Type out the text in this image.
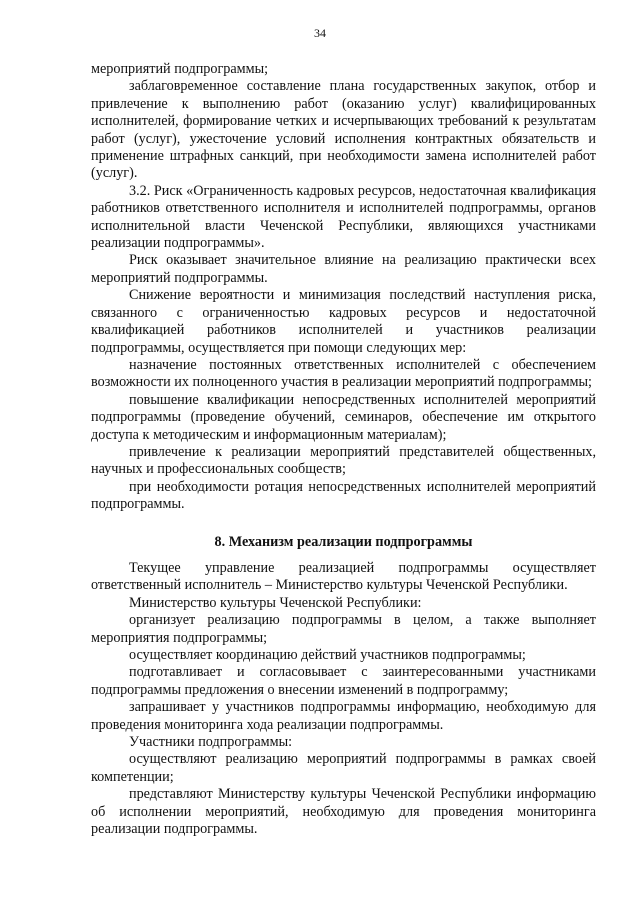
34

мероприятий подпрограммы;

заблаговременное составление плана государственных закупок, отбор и привлечение к выполнению работ (оказанию услуг) квалифицированных исполнителей, формирование четких и исчерпывающих требований к результатам работ (услуг), ужесточение условий исполнения контрактных обязательств и применение штрафных санкций, при необходимости замена исполнителей работ (услуг).

3.2. Риск «Ограниченность кадровых ресурсов, недостаточная квалификация работников ответственного исполнителя и исполнителей подпрограммы, органов исполнительной власти Чеченской Республики, являющихся участниками реализации подпрограммы».

Риск оказывает значительное влияние на реализацию практически всех мероприятий подпрограммы.

Снижение вероятности и минимизация последствий наступления риска, связанного с ограниченностью кадровых ресурсов и недостаточной квалификацией работников исполнителей и участников реализации подпрограммы, осуществляется при помощи следующих мер:

назначение постоянных ответственных исполнителей с обеспечением возможности их полноценного участия в реализации мероприятий подпрограммы;

повышение квалификации непосредственных исполнителей мероприятий подпрограммы (проведение обучений, семинаров, обеспечение им открытого доступа к методическим и информационным материалам);

привлечение к реализации мероприятий представителей общественных, научных и профессиональных сообществ;

при необходимости ротация непосредственных исполнителей мероприятий подпрограммы.

8. Механизм реализации подпрограммы

Текущее управление реализацией подпрограммы осуществляет ответственный исполнитель – Министерство культуры Чеченской Республики.

Министерство культуры Чеченской Республики:

организует реализацию подпрограммы в целом, а также выполняет мероприятия подпрограммы;

осуществляет координацию действий участников подпрограммы;

подготавливает и согласовывает с заинтересованными участниками подпрограммы предложения о внесении изменений в подпрограмму;

запрашивает у участников подпрограммы информацию, необходимую для проведения мониторинга хода реализации подпрограммы.

Участники подпрограммы:

осуществляют реализацию мероприятий подпрограммы в рамках своей компетенции;

представляют Министерству культуры Чеченской Республики информацию об исполнении мероприятий, необходимую для проведения мониторинга реализации подпрограммы.
